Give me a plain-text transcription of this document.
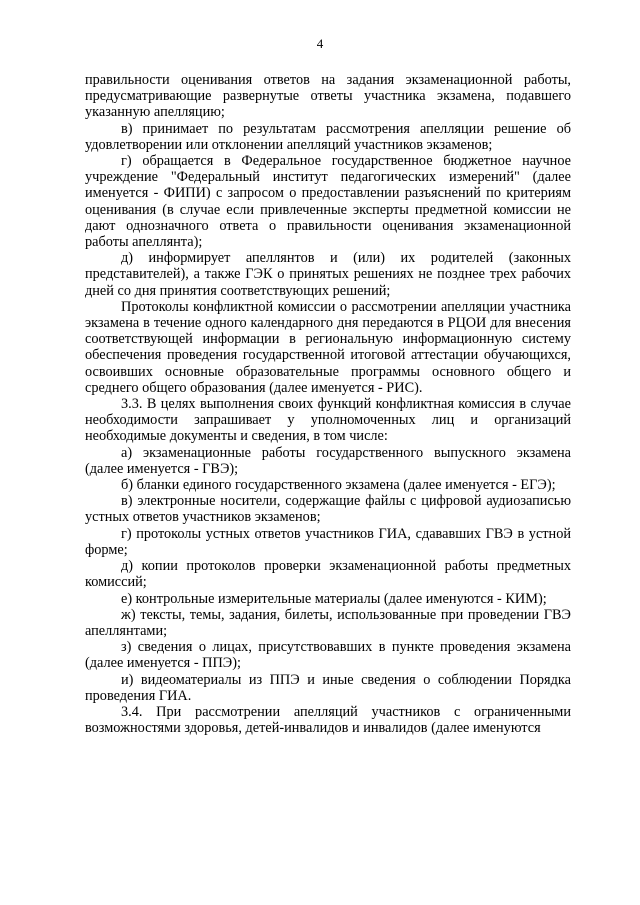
4

правильности оценивания ответов на задания экзаменационной работы, предусматривающие развернутые ответы участника экзамена, подавшего указанную апелляцию;

в) принимает по результатам рассмотрения апелляции решение об удовлетворении или отклонении апелляций участников экзаменов;

г) обращается в Федеральное государственное бюджетное научное учреждение "Федеральный институт педагогических измерений" (далее именуется - ФИПИ) с запросом о предоставлении разъяснений по критериям оценивания (в случае если привлеченные эксперты предметной комиссии не дают однозначного ответа о правильности оценивания экзаменационной работы апеллянта);

д) информирует апеллянтов и (или) их родителей (законных представителей), а также ГЭК о принятых решениях не позднее трех рабочих дней со дня принятия соответствующих решений;

Протоколы конфликтной комиссии о рассмотрении апелляции участника экзамена в течение одного календарного дня передаются в РЦОИ для внесения соответствующей информации в региональную информационную систему обеспечения проведения государственной итоговой аттестации обучающихся, освоивших основные образовательные программы основного общего и среднего общего образования (далее именуется - РИС).

3.3. В целях выполнения своих функций конфликтная комиссия в случае необходимости запрашивает у уполномоченных лиц и организаций необходимые документы и сведения, в том числе:

а) экзаменационные работы государственного выпускного экзамена (далее именуется - ГВЭ);

б) бланки единого государственного экзамена (далее именуется - ЕГЭ);

в) электронные носители, содержащие файлы с цифровой аудиозаписью устных ответов участников экзаменов;

г) протоколы устных ответов участников ГИА, сдававших ГВЭ в устной форме;

д) копии протоколов проверки экзаменационной работы предметных комиссий;

е) контрольные измерительные материалы (далее именуются - КИМ);

ж) тексты, темы, задания, билеты, использованные при проведении ГВЭ апеллянтами;

з) сведения о лицах, присутствовавших в пункте проведения экзамена (далее именуется - ППЭ);

и) видеоматериалы из ППЭ и иные сведения о соблюдении Порядка проведения ГИА.

3.4. При рассмотрении апелляций участников с ограниченными возможностями здоровья, детей-инвалидов и инвалидов (далее именуются
